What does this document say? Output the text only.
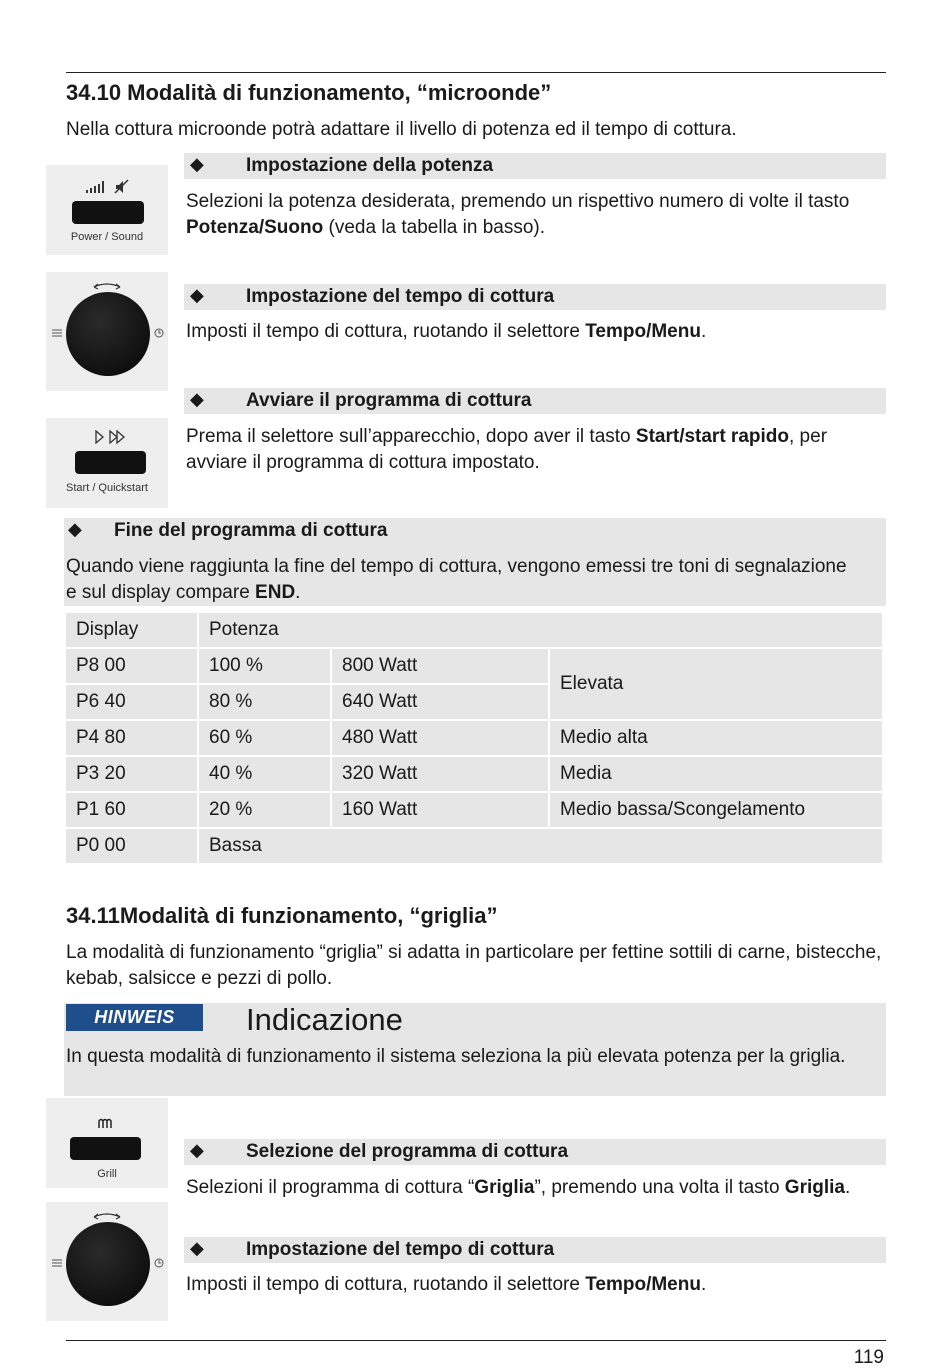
34.10 Modalità di funzionamento, “microonde”

Nella cottura microonde potrà adattare il livello di potenza ed il tempo di cottura.

Power / Sound
◆ Impostazione della potenza

Selezioni la potenza desiderata, premendo un rispettivo numero di volte il tasto Potenza/Suono (veda la tabella in basso).

◆ Impostazione del tempo di cottura

Imposti il tempo di cottura, ruotando il selettore Tempo/Menu.

Start / Quickstart
◆ Avviare il programma di cottura

Prema il selettore sull’apparecchio, dopo aver il tasto Start/start rapido, per avviare il programma di cottura impostato.

◆ Fine del programma di cottura

Quando viene raggiunta la fine del tempo di cottura, vengono emessi tre toni di segnalazione e sul display compare END.

Display	Potenza		
P8 00	100 %	800 Watt	Elevata
P6 40	80 %	640 Watt	
P4 80	60 %	480 Watt	Medio alta
P3 20	40 %	320 Watt	Media
P1 60	20 %	160 Watt	Medio bassa/Scongelamento
P0 00	Bassa		
34.11Modalità di funzionamento, “griglia”

La modalità di funzionamento “griglia” si adatta in particolare per fettine sottili di carne, bistecche, kebab, salsicce e pezzi di pollo.

HINWEIS	Indicazione

In questa modalità di funzionamento il sistema seleziona la più elevata potenza per la griglia.

Grill
◆ Selezione del programma di cottura

Selezioni il programma di cottura “Griglia”, premendo una volta il tasto Griglia.

◆ Impostazione del tempo di cottura

Imposti il tempo di cottura, ruotando il selettore Tempo/Menu.

119
